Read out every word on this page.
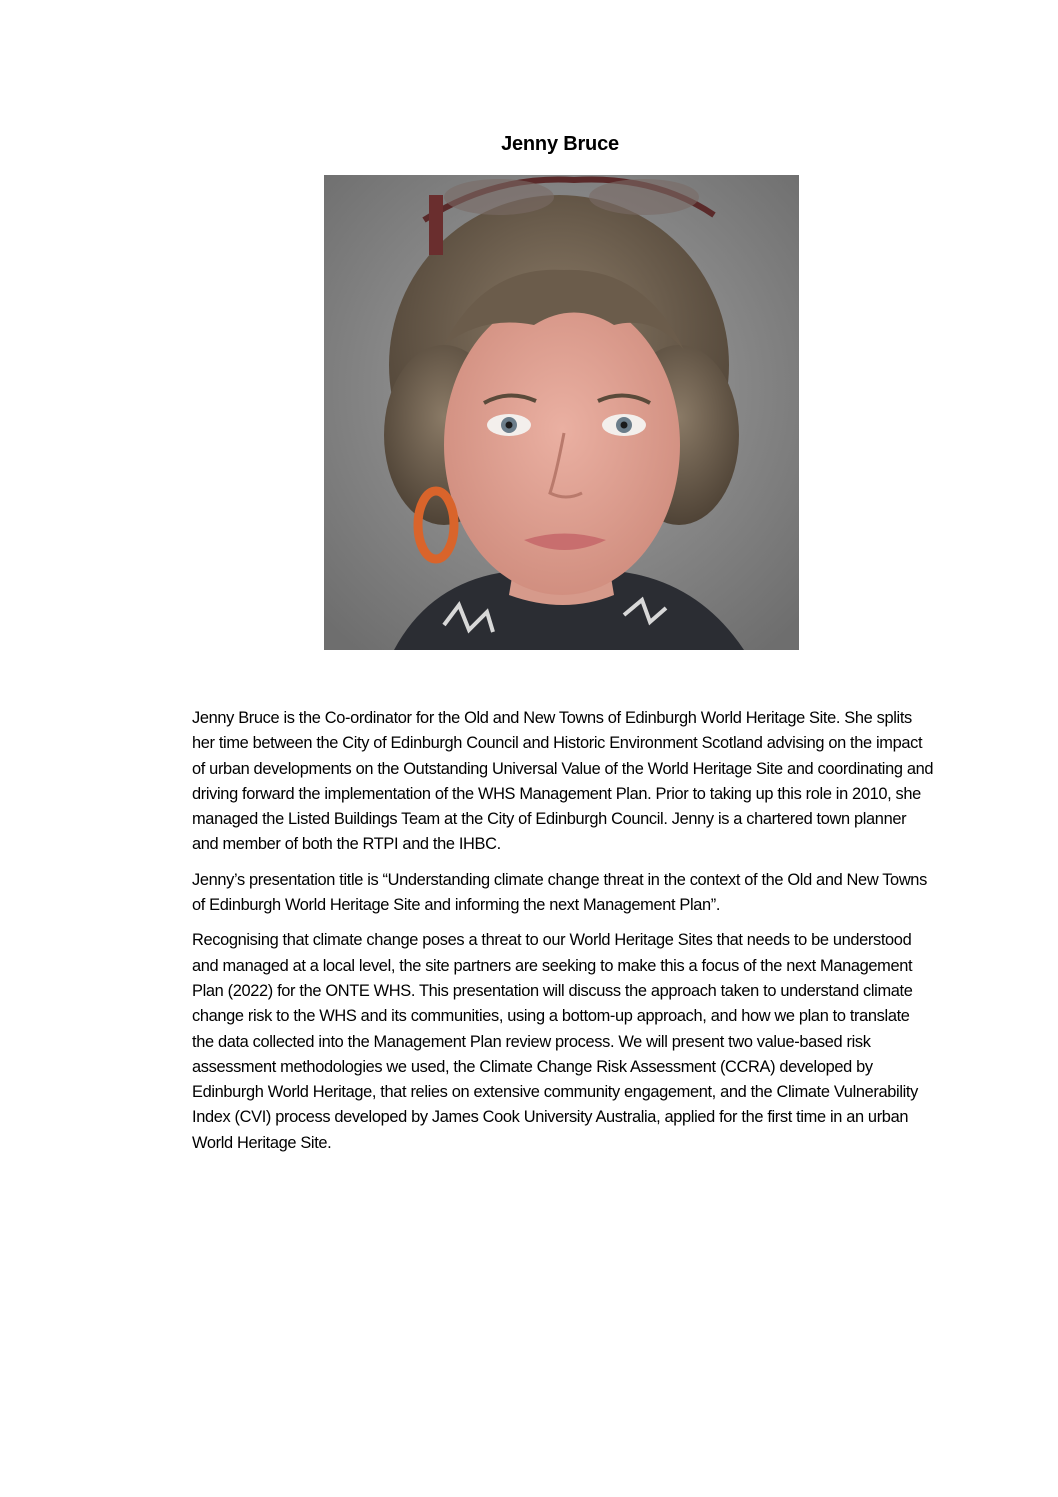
Jenny Bruce

Jenny Bruce is the Co-ordinator for the Old and New Towns of Edinburgh World Heritage Site. She splits her time between the City of Edinburgh Council and Historic Environment Scotland advising on the impact of urban developments on the Outstanding Universal Value of the World Heritage Site and coordinating and driving forward the implementation of the WHS Management Plan. Prior to taking up this role in 2010, she managed the Listed Buildings Team at the City of Edinburgh Council. Jenny is a chartered town planner and member of both the RTPI and the IHBC.

Jenny’s presentation title is “Understanding climate change threat in the context of the Old and New Towns of Edinburgh World Heritage Site and informing the next Management Plan”.

Recognising that climate change poses a threat to our World Heritage Sites that needs to be understood and managed at a local level, the site partners are seeking to make this a focus of the next Management Plan (2022) for the ONTE WHS. This presentation will discuss the approach taken to understand climate change risk to the WHS and its communities, using a bottom-up approach, and how we plan to translate the data collected into the Management Plan review process. We will present two value-based risk assessment methodologies we used, the Climate Change Risk Assessment (CCRA) developed by Edinburgh World Heritage, that relies on extensive community engagement, and the Climate Vulnerability Index (CVI) process developed by James Cook University Australia, applied for the first time in an urban World Heritage Site.
